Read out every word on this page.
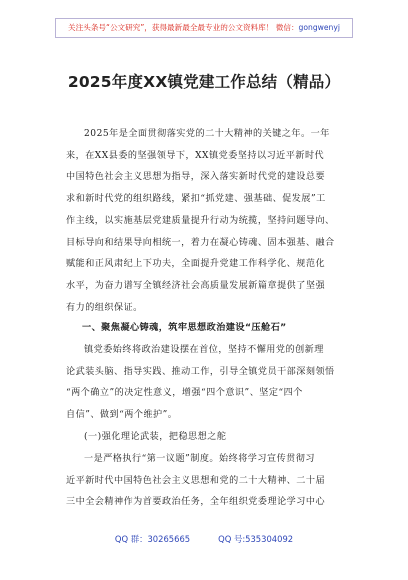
关注头条号“公文研究”，获得最新最全最专业的公文资料库！ 微信：gongwenyj
2025年度XX镇党建工作总结（精品）
2025年是全面贯彻落实党的二十大精神的关键之年。一年
来，在XX县委的坚强领导下，XX镇党委坚持以习近平新时代
中国特色社会主义思想为指导，深入落实新时代党的建设总要
求和新时代党的组织路线，紧扣“抓党建、强基础、促发展”工
作主线，以实施基层党建质量提升行动为统揽，坚持问题导向、
目标导向和结果导向相统一，着力在凝心铸魂、固本强基、融合
赋能和正风肃纪上下功夫，全面提升党建工作科学化、规范化
水平，为奋力谱写全镇经济社会高质量发展新篇章提供了坚强
有力的组织保证。
一、聚焦凝心铸魂，筑牢思想政治建设“压舱石”
镇党委始终将政治建设摆在首位，坚持不懈用党的创新理
论武装头脑、指导实践、推动工作，引导全镇党员干部深刻领悟
“两个确立”的决定性意义，增强“四个意识”、坚定“四个
自信”、做到“两个维护”。
(一)强化理论武装，把稳思想之舵
一是严格执行“第一议题”制度。始终将学习宣传贯彻习
近平新时代中国特色社会主义思想和党的二十大精神、二十届
三中全会精神作为首要政治任务，全年组织党委理论学习中心
QQ 群：30265665	QQ 号:535304092
